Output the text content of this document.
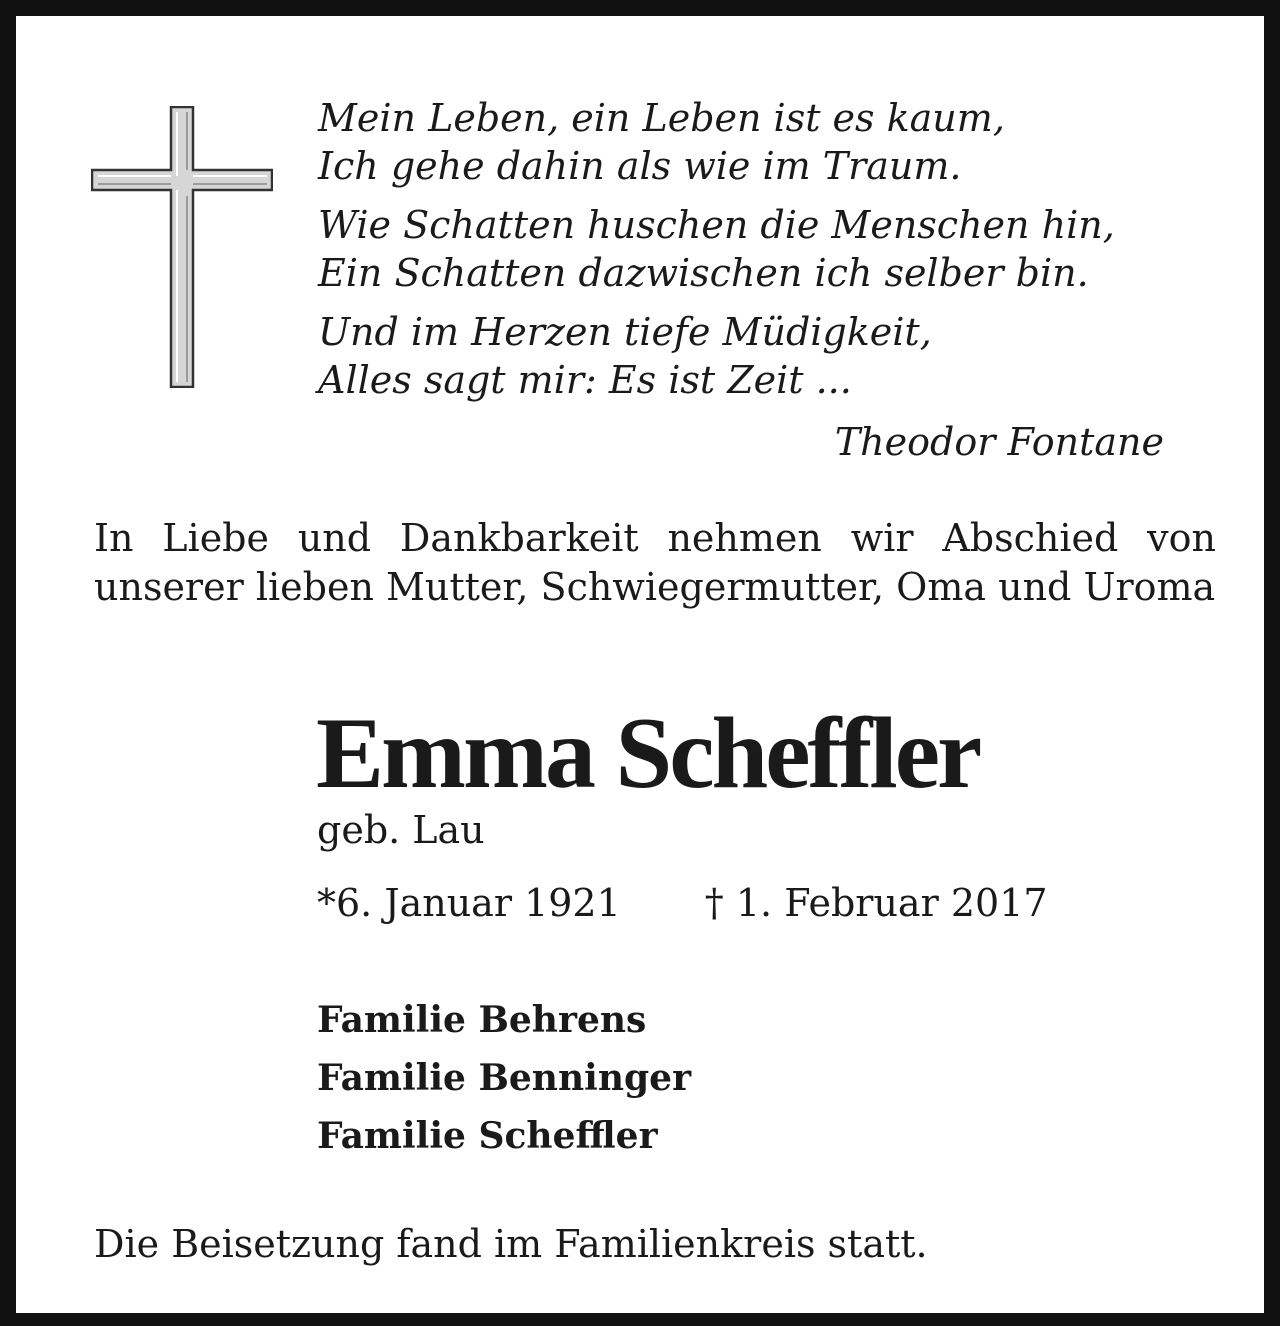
Mein Leben, ein Leben ist es kaum,
Ich gehe dahin als wie im Traum.
Wie Schatten huschen die Menschen hin,
Ein Schatten dazwischen ich selber bin.
Und im Herzen tiefe Müdigkeit,
Alles sagt mir: Es ist Zeit ...
Theodor Fontane

In Liebe und Dankbarkeit nehmen wir Abschied von unserer lieben Mutter, Schwiegermutter, Oma und Uroma

Emma Scheffler
geb. Lau
*6. Januar 1921 † 1. Februar 2017
Familie Behrens
Familie Benninger
Familie Scheffler
Die Beisetzung fand im Familienkreis statt.
